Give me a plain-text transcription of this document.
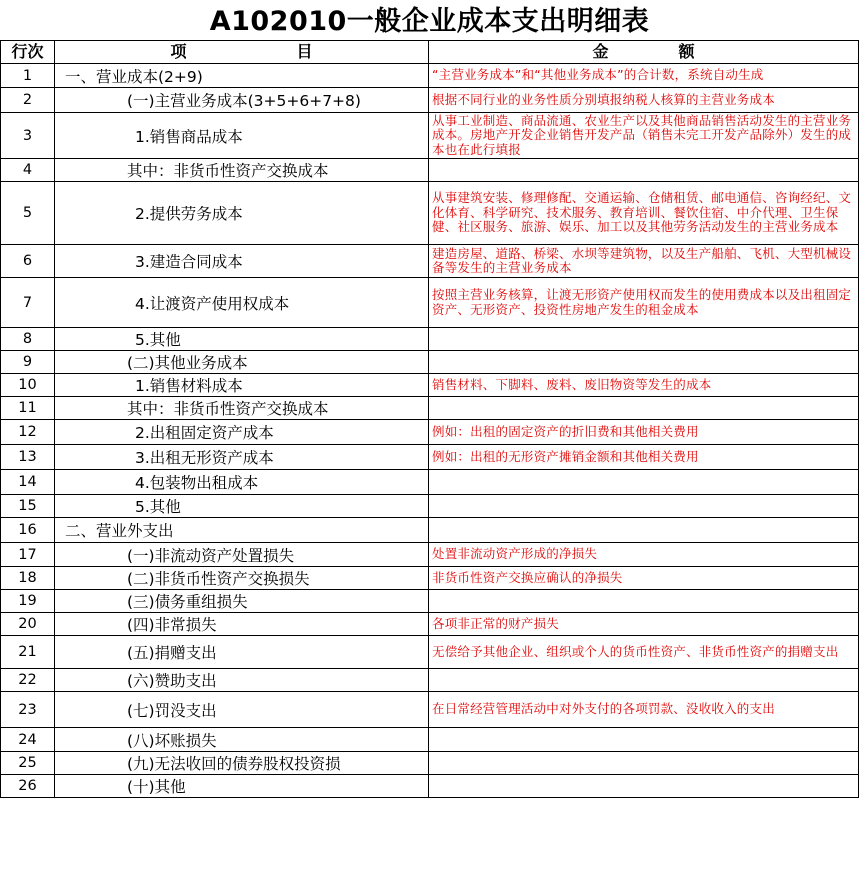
A102010一般企业成本支出明细表
行次	项 目	金 额
1	一、营业成本(2+9)	“主营业务成本”和“其他业务成本”的合计数，系统自动生成
2	(一)主营业务成本(3+5+6+7+8)	根据不同行业的业务性质分别填报纳税人核算的主营业务成本
3	1.销售商品成本	从事工业制造、商品流通、农业生产以及其他商品销售活动发生的主营业务成本。房地产开发企业销售开发产品（销售未完工开发产品除外）发生的成本也在此行填报
4	其中：非货币性资产交换成本	
5	2.提供劳务成本	从事建筑安装、修理修配、交通运输、仓储租赁、邮电通信、咨询经纪、文化体育、科学研究、技术服务、教育培训、餐饮住宿、中介代理、卫生保健、社区服务、旅游、娱乐、加工以及其他劳务活动发生的主营业务成本
6	3.建造合同成本	建造房屋、道路、桥梁、水坝等建筑物，以及生产船舶、飞机、大型机械设备等发生的主营业务成本
7	4.让渡资产使用权成本	按照主营业务核算，让渡无形资产使用权而发生的使用费成本以及出租固定资产、无形资产、投资性房地产发生的租金成本
8	5.其他	
9	(二)其他业务成本	
10	1.销售材料成本	销售材料、下脚料、废料、废旧物资等发生的成本
11	其中：非货币性资产交换成本	
12	2.出租固定资产成本	例如：出租的固定资产的折旧费和其他相关费用
13	3.出租无形资产成本	例如：出租的无形资产摊销金额和其他相关费用
14	4.包装物出租成本	
15	5.其他	
16	二、营业外支出	
17	(一)非流动资产处置损失	处置非流动资产形成的净损失
18	(二)非货币性资产交换损失	非货币性资产交换应确认的净损失
19	(三)债务重组损失	
20	(四)非常损失	各项非正常的财产损失
21	(五)捐赠支出	无偿给予其他企业、组织或个人的货币性资产、非货币性资产的捐赠支出
22	(六)赞助支出	
23	(七)罚没支出	在日常经营管理活动中对外支付的各项罚款、没收收入的支出
24	(八)坏账损失	
25	(九)无法收回的债券股权投资损	
26	(十)其他	
